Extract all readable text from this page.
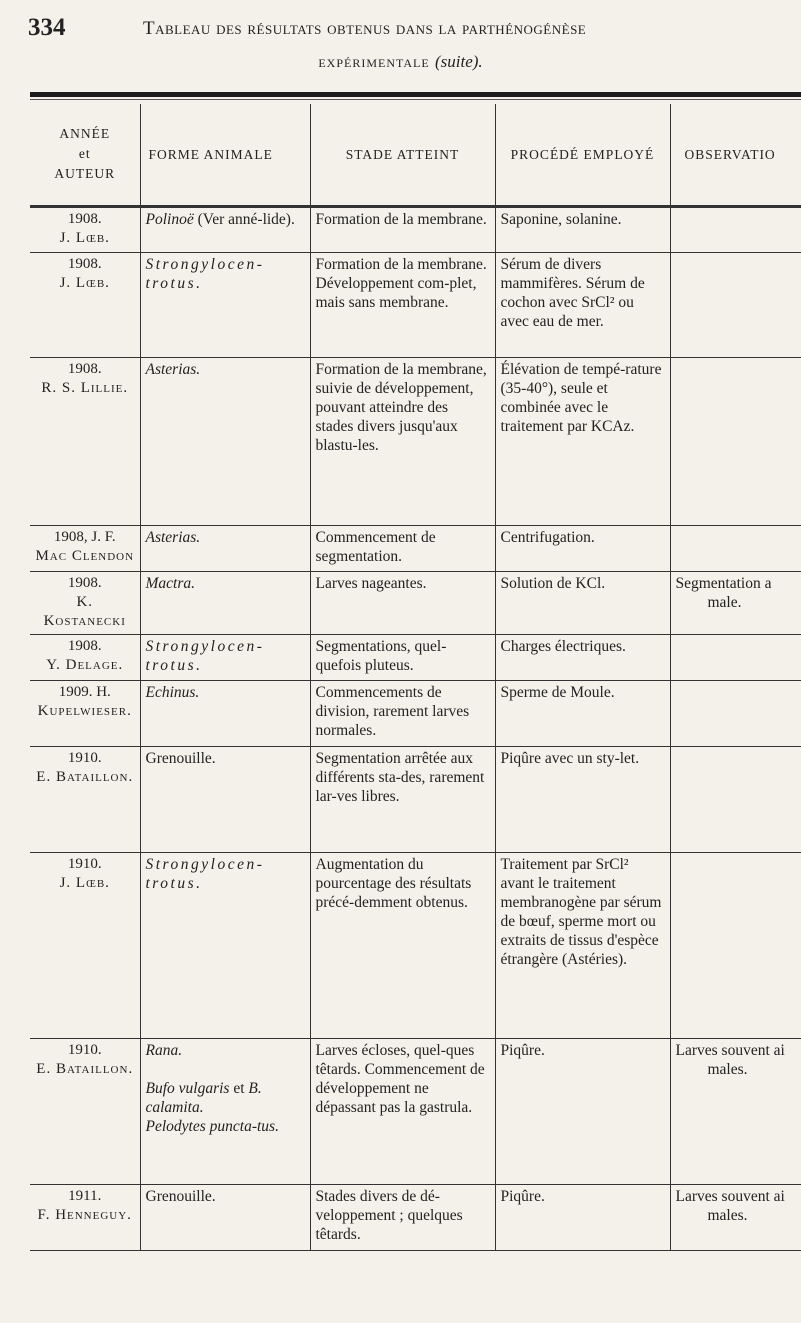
334	Tableau des résultats obtenus dans la parthénogénèse
expérimentale (suite).
ANNÉE
et
AUTEUR	FORME ANIMALE	STADE ATTEINT	PROCÉDÉ EMPLOYÉ	OBSERVATIO

1908.
J. Lœb.	Polinoë (Ver anné-lide).	Formation de la membrane.	Saponine, solanine.	

1908.
J. Lœb.	Strongylocen-trotus.	Formation de la membrane. Développement com-plet, mais sans membrane.	Sérum de divers mammifères. Sérum de cochon avec SrCl² ou avec eau de mer.	

1908.
R. S. Lillie.	Asterias.	Formation de la membrane, suivie de développement, pouvant atteindre des stades divers jusqu'aux blastu-les.	Élévation de tempé-rature (35-40°), seule et combinée avec le traitement par KCAz.	

1908, J. F.
Mac Clendon	Asterias.	Commencement de segmentation.	Centrifugation.	

1908.
K. Kostanecki	Mactra.	Larves nageantes.	Solution de KCl.	Segmentation a
male.

1908.
Y. Delage.	Strongylocen-trotus.	Segmentations, quel-quefois pluteus.	Charges électriques.	

1909. H.
Kupelwieser.	Echinus.	Commencements de division, rarement larves normales.	Sperme de Moule.	

1910.
E. Bataillon.	Grenouille.	Segmentation arrêtée aux différents sta-des, rarement lar-ves libres.	Piqûre avec un sty-let.	

1910.
J. Lœb.	Strongylocen-trotus.	Augmentation du pourcentage des résultats précé-demment obtenus.	Traitement par SrCl² avant le traitement membranogène par sérum de bœuf, sperme mort ou extraits de tissus d'espèce étrangère (Astéries).	

1910.
E. Bataillon.	Rana.
Bufo vulgaris et B. calamita.
Pelodytes puncta-tus.	Larves écloses, quel-ques têtards. Commencement de développement ne dépassant pas la gastrula.	Piqûre.	Larves souvent ai
males.

1911.
F. Henneguy.	Grenouille.	Stades divers de dé-veloppement ; quelques têtards.	Piqûre.	Larves souvent ai
males.
